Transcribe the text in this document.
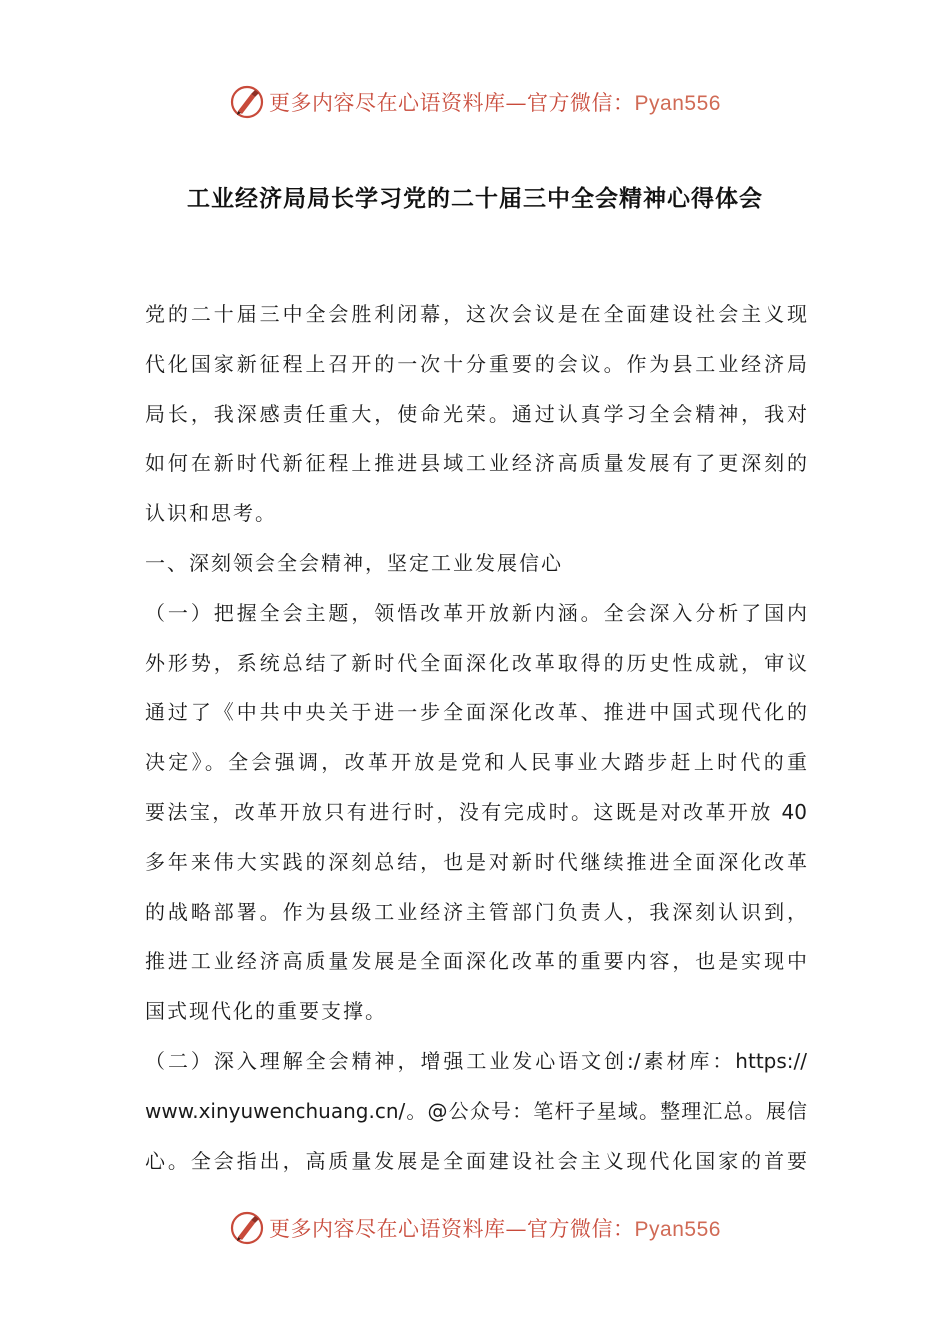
更多内容尽在心语资料库—官方微信：Pyan556
工业经济局局长学习党的二十届三中全会精神心得体会
党的二十届三中全会胜利闭幕，这次会议是在全面建设社会主义现
代化国家新征程上召开的一次十分重要的会议。作为县工业经济局
局长，我深感责任重大，使命光荣。通过认真学习全会精神，我对
如何在新时代新征程上推进县域工业经济高质量发展有了更深刻的
认识和思考。
一、深刻领会全会精神，坚定工业发展信心
（一）把握全会主题，领悟改革开放新内涵。全会深入分析了国内
外形势，系统总结了新时代全面深化改革取得的历史性成就，审议
通过了《中共中央关于进一步全面深化改革、推进中国式现代化的
决定》。全会强调，改革开放是党和人民事业大踏步赶上时代的重
要法宝，改革开放只有进行时，没有完成时。这既是对改革开放 40
多年来伟大实践的深刻总结，也是对新时代继续推进全面深化改革
的战略部署。作为县级工业经济主管部门负责人，我深刻认识到，
推进工业经济高质量发展是全面深化改革的重要内容，也是实现中
国式现代化的重要支撑。
（二）深入理解全会精神，增强工业发心语文创:/素材库：https://
www.xinyuwenchuang.cn/。@公众号：笔杆子星域。整理汇总。展信
心。全会指出，高质量发展是全面建设社会主义现代化国家的首要
更多内容尽在心语资料库—官方微信：Pyan556
